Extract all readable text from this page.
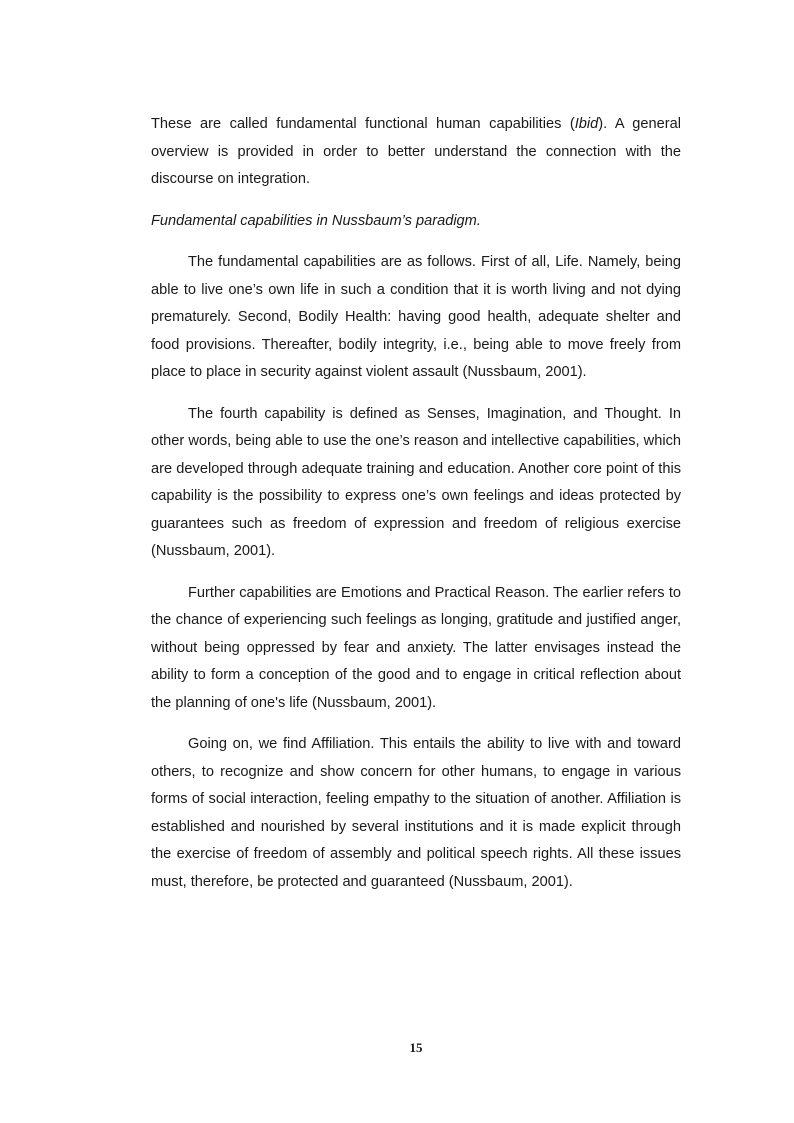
These are called fundamental functional human capabilities (Ibid). A general overview is provided in order to better understand the connection with the discourse on integration.

Fundamental capabilities in Nussbaum’s paradigm.

The fundamental capabilities are as follows. First of all, Life. Namely, being able to live one’s own life in such a condition that it is worth living and not dying prematurely. Second, Bodily Health: having good health, adequate shelter and food provisions. Thereafter, bodily integrity, i.e., being able to move freely from place to place in security against violent assault (Nussbaum, 2001).

The fourth capability is defined as Senses, Imagination, and Thought. In other words, being able to use the one’s reason and intellective capabilities, which are developed through adequate training and education. Another core point of this capability is the possibility to express one’s own feelings and ideas protected by guarantees such as freedom of expression and freedom of religious exercise (Nussbaum, 2001).

Further capabilities are Emotions and Practical Reason. The earlier refers to the chance of experiencing such feelings as longing, gratitude and justified anger, without being oppressed by fear and anxiety. The latter envisages instead the ability to form a conception of the good and to engage in critical reflection about the planning of one's life (Nussbaum, 2001).

Going on, we find Affiliation. This entails the ability to live with and toward others, to recognize and show concern for other humans, to engage in various forms of social interaction, feeling empathy to the situation of another. Affiliation is established and nourished by several institutions and it is made explicit through the exercise of freedom of assembly and political speech rights. All these issues must, therefore, be protected and guaranteed (Nussbaum, 2001).

15
